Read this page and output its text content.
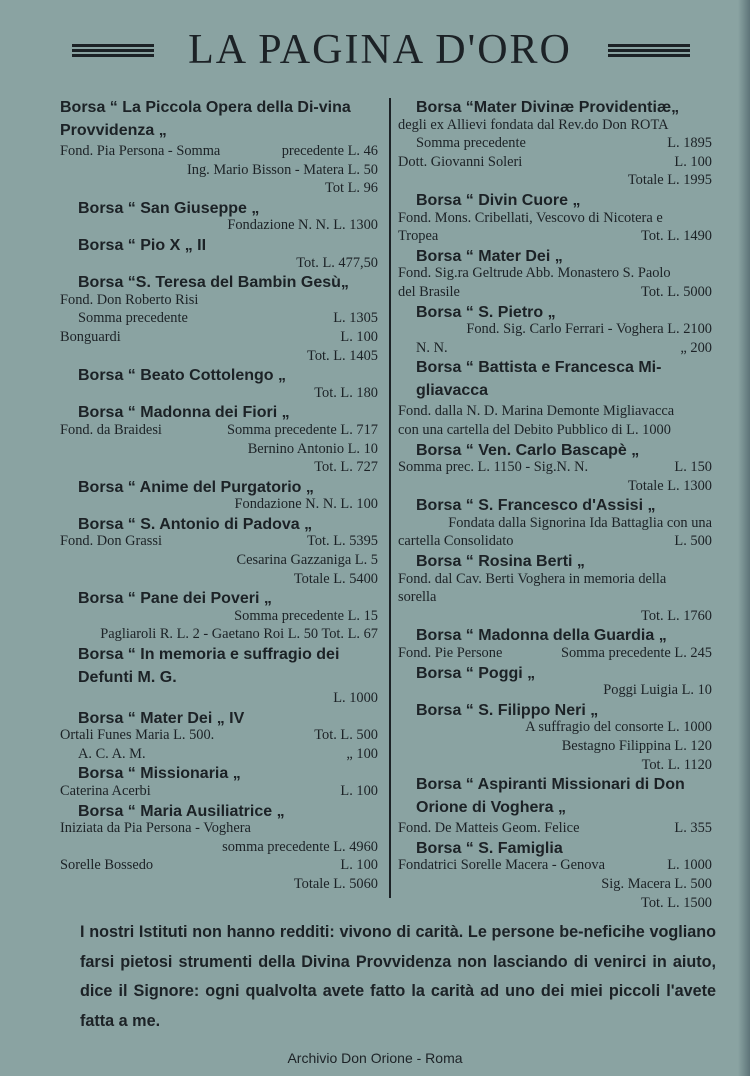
LA PAGINA D'ORO
Borsa “ La Piccola Opera della Di-vina Provvidenza „
Fond. Pia Persona - Somma	precedente L. 46
Ing. Mario Bisson - Matera L. 50
Tot L. 96
Borsa “ San Giuseppe „
Fondazione N. N. L. 1300
Borsa “ Pio X „ II
Tot. L. 477,50
Borsa “S. Teresa del Bambin Gesù„
Fond. Don Roberto Risi
Somma precedente	L. 1305
Bonguardi	L. 100
Tot. L. 1405
Borsa “ Beato Cottolengo „
Tot. L. 180
Borsa “ Madonna dei Fiori „
Fond. da Braidesi	Somma precedente L. 717
Bernino Antonio L. 10
Tot. L. 727
Borsa “ Anime del Purgatorio „
Fondazione N. N. L. 100
Borsa “ S. Antonio di Padova „
Fond. Don Grassi	Tot. L. 5395
Cesarina Gazzaniga L. 5
Totale L. 5400
Borsa “ Pane dei Poveri „
Somma precedente L. 15
Pagliaroli R. L. 2 - Gaetano Roi L. 50 Tot. L. 67
Borsa “ In memoria e suffragio dei Defunti M. G.
L. 1000
Borsa “ Mater Dei „ IV
Ortali Funes Maria L. 500.	Tot. L. 500
A. C. A. M.	„ 100
Borsa “ Missionaria „
Caterina Acerbi	L. 100
Borsa “ Maria Ausiliatrice „
Iniziata da Pia Persona - Voghera
somma precedente L. 4960
Sorelle Bossedo	L. 100
Totale L. 5060
Borsa “Mater Divinæ Providentiæ„
degli ex Allievi fondata dal Rev.do Don ROTA
Somma precedente	L. 1895
Dott. Giovanni Soleri	L. 100
Totale L. 1995
Borsa “ Divin Cuore „
Fond. Mons. Cribellati, Vescovo di Nicotera e
Tropea	Tot. L. 1490
Borsa “ Mater Dei „
Fond. Sig.ra Geltrude Abb. Monastero S. Paolo
del Brasile	Tot. L. 5000
Borsa “ S. Pietro „
Fond. Sig. Carlo Ferrari - Voghera L. 2100
N. N.	„ 200
Borsa “ Battista e Francesca Mi-gliavacca
Fond. dalla N. D. Marina Demonte Migliavacca
con una cartella del Debito Pubblico di L. 1000
Borsa “ Ven. Carlo Bascapè „
Somma prec. L. 1150 - Sig.N. N.	L. 150
Totale L. 1300
Borsa “ S. Francesco d'Assisi „
Fondata dalla Signorina Ida Battaglia con una
cartella Consolidato	L. 500
Borsa “ Rosina Berti „
Fond. dal Cav. Berti Voghera in memoria della
sorella
Tot. L. 1760
Borsa “ Madonna della Guardia „
Fond. Pie Persone	Somma precedente L. 245
Borsa “ Poggi „
Poggi Luigia L. 10
Borsa “ S. Filippo Neri „
A suffragio del consorte L. 1000
Bestagno Filippina L. 120
Tot. L. 1120
Borsa “ Aspiranti Missionari di Don Orione di Voghera „
Fond. De Matteis Geom. Felice	L. 355
Borsa “ S. Famiglia
Fondatrici Sorelle Macera - Genova	L. 1000
Sig. Macera L. 500
Tot. L. 1500
I nostri Istituti non hanno redditi: vivono di carità. Le persone be-neficihe vogliano farsi pietosi strumenti della Divina Provvidenza non lasciando di venirci in aiuto, dice il Signore: ogni qualvolta avete fatto la carità ad uno dei miei piccoli l'avete fatta a me.
Archivio Don Orione - Roma
